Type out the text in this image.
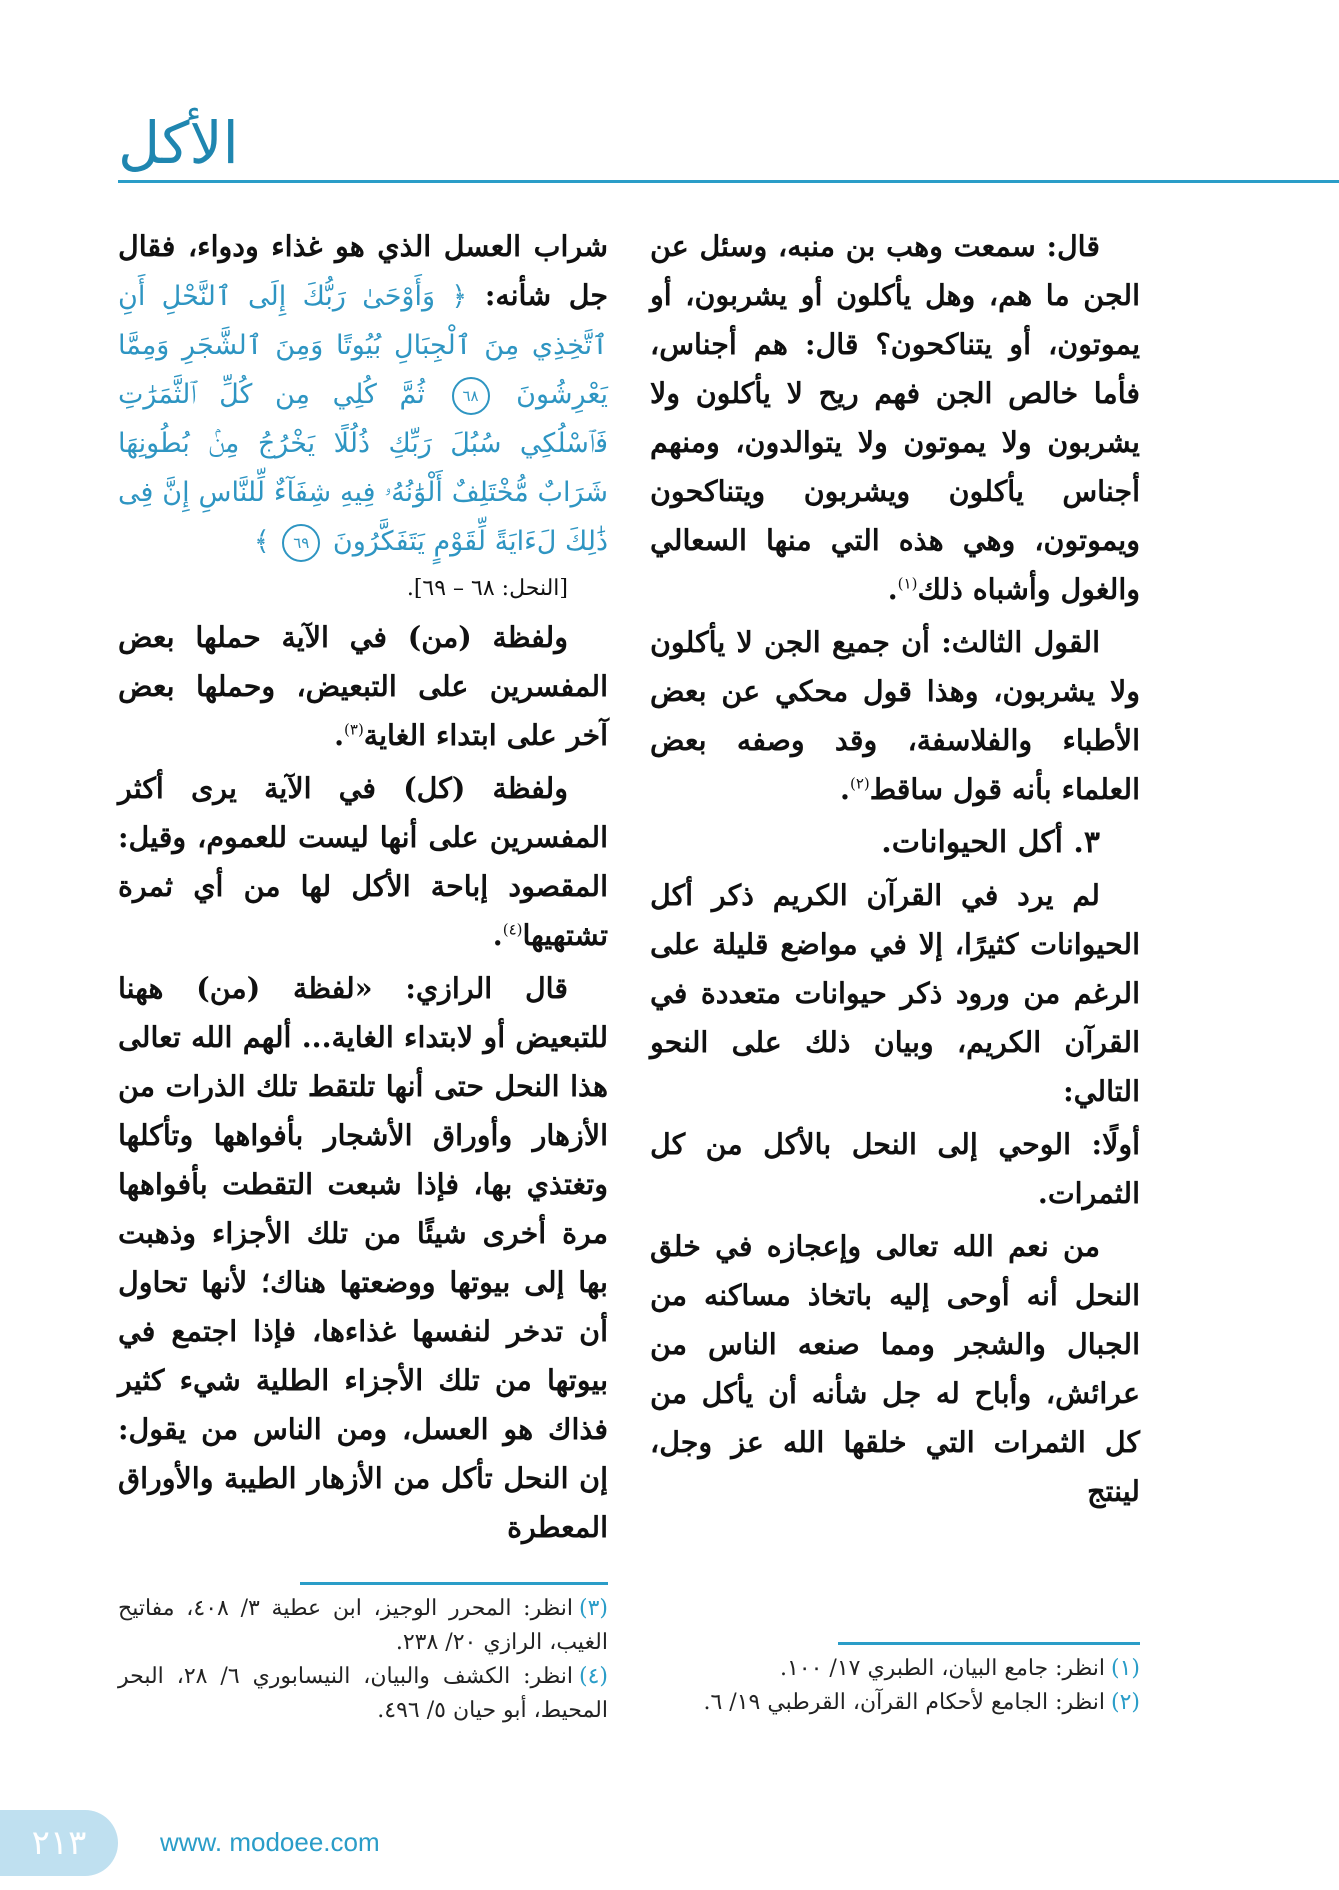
الأكل

قال: سمعت وهب بن منبه، وسئل عن الجن ما هم، وهل يأكلون أو يشربون، أو يموتون، أو يتناكحون؟ قال: هم أجناس، فأما خالص الجن فهم ريح لا يأكلون ولا يشربون ولا يموتون ولا يتوالدون، ومنهم أجناس يأكلون ويشربون ويتناكحون ويموتون، وهي هذه التي منها السعالي والغول وأشباه ذلك$^{(١)}$.

القول الثالث: أن جميع الجن لا يأكلون ولا يشربون، وهذا قول محكي عن بعض الأطباء والفلاسفة، وقد وصفه بعض العلماء بأنه قول ساقط$^{(٢)}$.

٣. أكل الحيوانات.

لم يرد في القرآن الكريم ذكر أكل الحيوانات كثيرًا، إلا في مواضع قليلة على الرغم من ورود ذكر حيوانات متعددة في القرآن الكريم، وبيان ذلك على النحو التالي:

أولًا: الوحي إلى النحل بالأكل من كل الثمرات.

من نعم الله تعالى وإعجازه في خلق النحل أنه أوحى إليه باتخاذ مساكنه من الجبال والشجر ومما صنعه الناس من عرائش، وأباح له جل شأنه أن يأكل من كل الثمرات التي خلقها الله عز وجل، لينتج

شراب العسل الذي هو غذاء ودواء، فقال جل شأنه: ﴿ وَأَوْحَىٰ رَبُّكَ إِلَى ٱلنَّحْلِ أَنِ ٱتَّخِذِي مِنَ ٱلْجِبَالِ بُيُوتًا وَمِنَ ٱلشَّجَرِ وَمِمَّا يَعْرِشُونَ ٦٨ ثُمَّ كُلِي مِن كُلِّ ٱلثَّمَرَٰتِ فَٱسْلُكِي سُبُلَ رَبِّكِ ذُلُلًا يَخْرُجُ مِنۢ بُطُونِهَا شَرَابٌ مُّخْتَلِفٌ أَلْوَٰنُهُۥ فِيهِ شِفَآءٌ لِّلنَّاسِ إِنَّ فِى ذَٰلِكَ لَءَايَةً لِّقَوْمٍ يَتَفَكَّرُونَ ٦٩ ﴾

[النحل: ٦٨ – ٦٩].

ولفظة (من) في الآية حملها بعض المفسرين على التبعيض، وحملها بعض آخر على ابتداء الغاية$^{(٣)}$.

ولفظة (كل) في الآية يرى أكثر المفسرين على أنها ليست للعموم، وقيل: المقصود إباحة الأكل لها من أي ثمرة تشتهيها$^{(٤)}$.

قال الرازي: «لفظة (من) ههنا للتبعيض أو لابتداء الغاية... ألهم الله تعالى هذا النحل حتى أنها تلتقط تلك الذرات من الأزهار وأوراق الأشجار بأفواهها وتأكلها وتغتذي بها، فإذا شبعت التقطت بأفواهها مرة أخرى شيئًا من تلك الأجزاء وذهبت بها إلى بيوتها ووضعتها هناك؛ لأنها تحاول أن تدخر لنفسها غذاءها، فإذا اجتمع في بيوتها من تلك الأجزاء الطلية شيء كثير فذاك هو العسل، ومن الناس من يقول: إن النحل تأكل من الأزهار الطيبة والأوراق المعطرة

(١)انظر: جامع البيان، الطبري ١٧/ ١٠٠.

(٢)انظر: الجامع لأحكام القرآن، القرطبي ١٩/ ٦.

(٣)انظر: المحرر الوجيز، ابن عطية ٣/ ٤٠٨، مفاتيح الغيب، الرازي ٢٠/ ٢٣٨.

(٤)انظر: الكشف والبيان، النيسابوري ٦/ ٢٨، البحر المحيط، أبو حيان ٥/ ٤٩٦.

٢١٣	www. modoee.com
